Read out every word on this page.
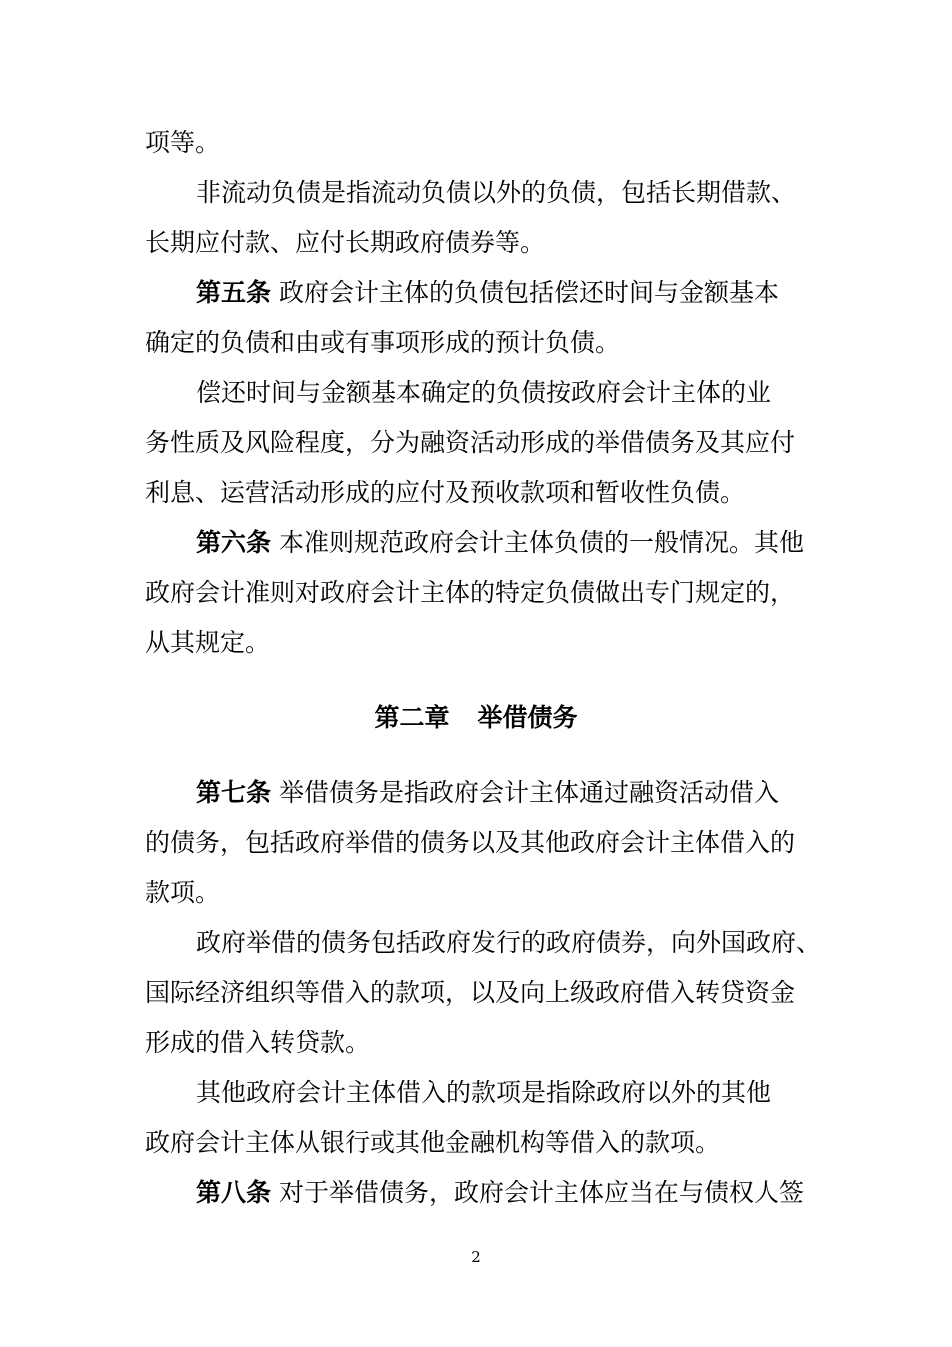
项等。

非流动负债是指流动负债以外的负债，包括长期借款、
长期应付款、应付长期政府债券等。

第五条 政府会计主体的负债包括偿还时间与金额基本
确定的负债和由或有事项形成的预计负债。

偿还时间与金额基本确定的负债按政府会计主体的业
务性质及风险程度，分为融资活动形成的举借债务及其应付
利息、运营活动形成的应付及预收款项和暂收性负债。

第六条 本准则规范政府会计主体负债的一般情况。其他
政府会计准则对政府会计主体的特定负债做出专门规定的，
从其规定。

第二章 举借债务

第七条 举借债务是指政府会计主体通过融资活动借入
的债务，包括政府举借的债务以及其他政府会计主体借入的
款项。

政府举借的债务包括政府发行的政府债券，向外国政府、
国际经济组织等借入的款项，以及向上级政府借入转贷资金
形成的借入转贷款。

其他政府会计主体借入的款项是指除政府以外的其他
政府会计主体从银行或其他金融机构等借入的款项。

第八条 对于举借债务，政府会计主体应当在与债权人签

2
